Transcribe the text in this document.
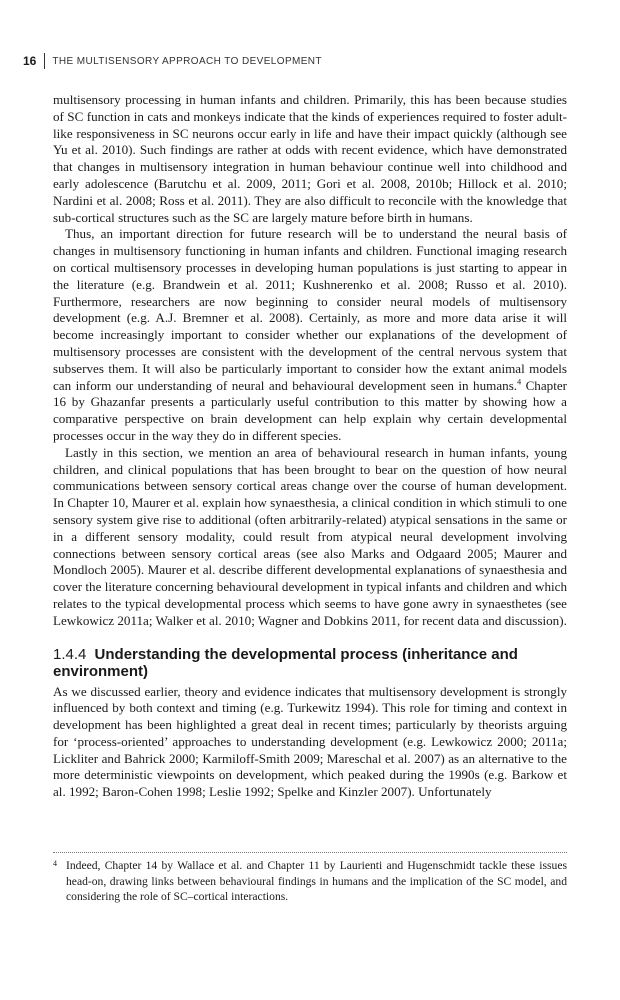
16 THE MULTISENSORY APPROACH TO DEVELOPMENT

multisensory processing in human infants and children. Primarily, this has been because studies of SC function in cats and monkeys indicate that the kinds of experiences required to foster adult-like responsiveness in SC neurons occur early in life and have their impact quickly (although see Yu et al. 2010). Such findings are rather at odds with recent evidence, which have demonstrated that changes in multisensory integration in human behaviour continue well into childhood and early adolescence (Barutchu et al. 2009, 2011; Gori et al. 2008, 2010b; Hillock et al. 2010; Nardini et al. 2008; Ross et al. 2011). They are also difficult to reconcile with the knowledge that sub-cortical structures such as the SC are largely mature before birth in humans.

Thus, an important direction for future research will be to understand the neural basis of changes in multisensory functioning in human infants and children. Functional imaging research on cortical multisensory processes in developing human populations is just starting to appear in the literature (e.g. Brandwein et al. 2011; Kushnerenko et al. 2008; Russo et al. 2010). Furthermore, researchers are now beginning to consider neural models of multisensory development (e.g. A.J. Bremner et al. 2008). Certainly, as more and more data arise it will become increasingly important to consider whether our explanations of the development of multisensory processes are consistent with the development of the central nervous system that subserves them. It will also be particularly important to consider how the extant animal models can inform our understanding of neural and behavioural development seen in humans.$^4$ Chapter 16 by Ghazanfar presents a particularly useful contribution to this matter by showing how a comparative perspective on brain development can help explain why certain developmental processes occur in the way they do in different species.

Lastly in this section, we mention an area of behavioural research in human infants, young children, and clinical populations that has been brought to bear on the question of how neural communications between sensory cortical areas change over the course of human development. In Chapter 10, Maurer et al. explain how synaesthesia, a clinical condition in which stimuli to one sensory system give rise to additional (often arbitrarily-related) atypical sensations in the same or in a different sensory modality, could result from atypical neural development involving connections between sensory cortical areas (see also Marks and Odgaard 2005; Maurer and Mondloch 2005). Maurer et al. describe different developmental explanations of synaesthesia and cover the literature concerning behavioural development in typical infants and children and which relates to the typical developmental process which seems to have gone awry in synaesthetes (see Lewkowicz 2011a; Walker et al. 2010; Wagner and Dobkins 2011, for recent data and discussion).

1.4.4 Understanding the developmental process (inheritance and environment)

As we discussed earlier, theory and evidence indicates that multisensory development is strongly influenced by both context and timing (e.g. Turkewitz 1994). This role for timing and context in development has been highlighted a great deal in recent times; particularly by theorists arguing for ‘process-oriented’ approaches to understanding development (e.g. Lewkowicz 2000; 2011a; Lickliter and Bahrick 2000; Karmiloff-Smith 2009; Mareschal et al. 2007) as an alternative to the more deterministic viewpoints on development, which peaked during the 1990s (e.g. Barkow et al. 1992; Baron-Cohen 1998; Leslie 1992; Spelke and Kinzler 2007). Unfortunately

4 Indeed, Chapter 14 by Wallace et al. and Chapter 11 by Laurienti and Hugenschmidt tackle these issues head-on, drawing links between behavioural findings in humans and the implication of the SC model, and considering the role of SC–cortical interactions.
